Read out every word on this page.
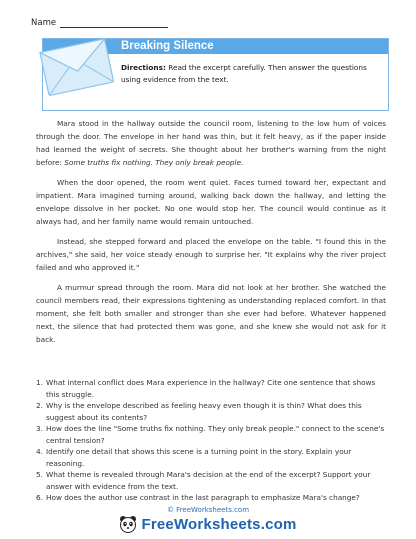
Name
Breaking Silence
Directions: Read the excerpt carefully. Then answer the questions using evidence from the text.

Mara stood in the hallway outside the council room, listening to the low hum of voices through the door. The envelope in her hand was thin, but it felt heavy, as if the paper inside had learned the weight of secrets. She thought about her brother's warning from the night before: Some truths fix nothing. They only break people.

When the door opened, the room went quiet. Faces turned toward her, expectant and impatient. Mara imagined turning around, walking back down the hallway, and letting the envelope dissolve in her pocket. No one would stop her. The council would continue as it always had, and her family name would remain untouched.

Instead, she stepped forward and placed the envelope on the table. "I found this in the archives," she said, her voice steady enough to surprise her. "It explains why the river project failed and who approved it."

A murmur spread through the room. Mara did not look at her brother. She watched the council members read, their expressions tightening as understanding replaced comfort. In that moment, she felt both smaller and stronger than she ever had before. Whatever happened next, the silence that had protected them was gone, and she knew she would not ask for it back.

1. What internal conflict does Mara experience in the hallway? Cite one sentence that shows this struggle.
2. Why is the envelope described as feeling heavy even though it is thin? What does this suggest about its contents?
3. How does the line "Some truths fix nothing. They only break people." connect to the scene's central tension?
4. Identify one detail that shows this scene is a turning point in the story. Explain your reasoning.
5. What theme is revealed through Mara's decision at the end of the excerpt? Support your answer with evidence from the text.
6. How does the author use contrast in the last paragraph to emphasize Mara's change?
© FreeWorksheets.com
FreeWorksheets.com
